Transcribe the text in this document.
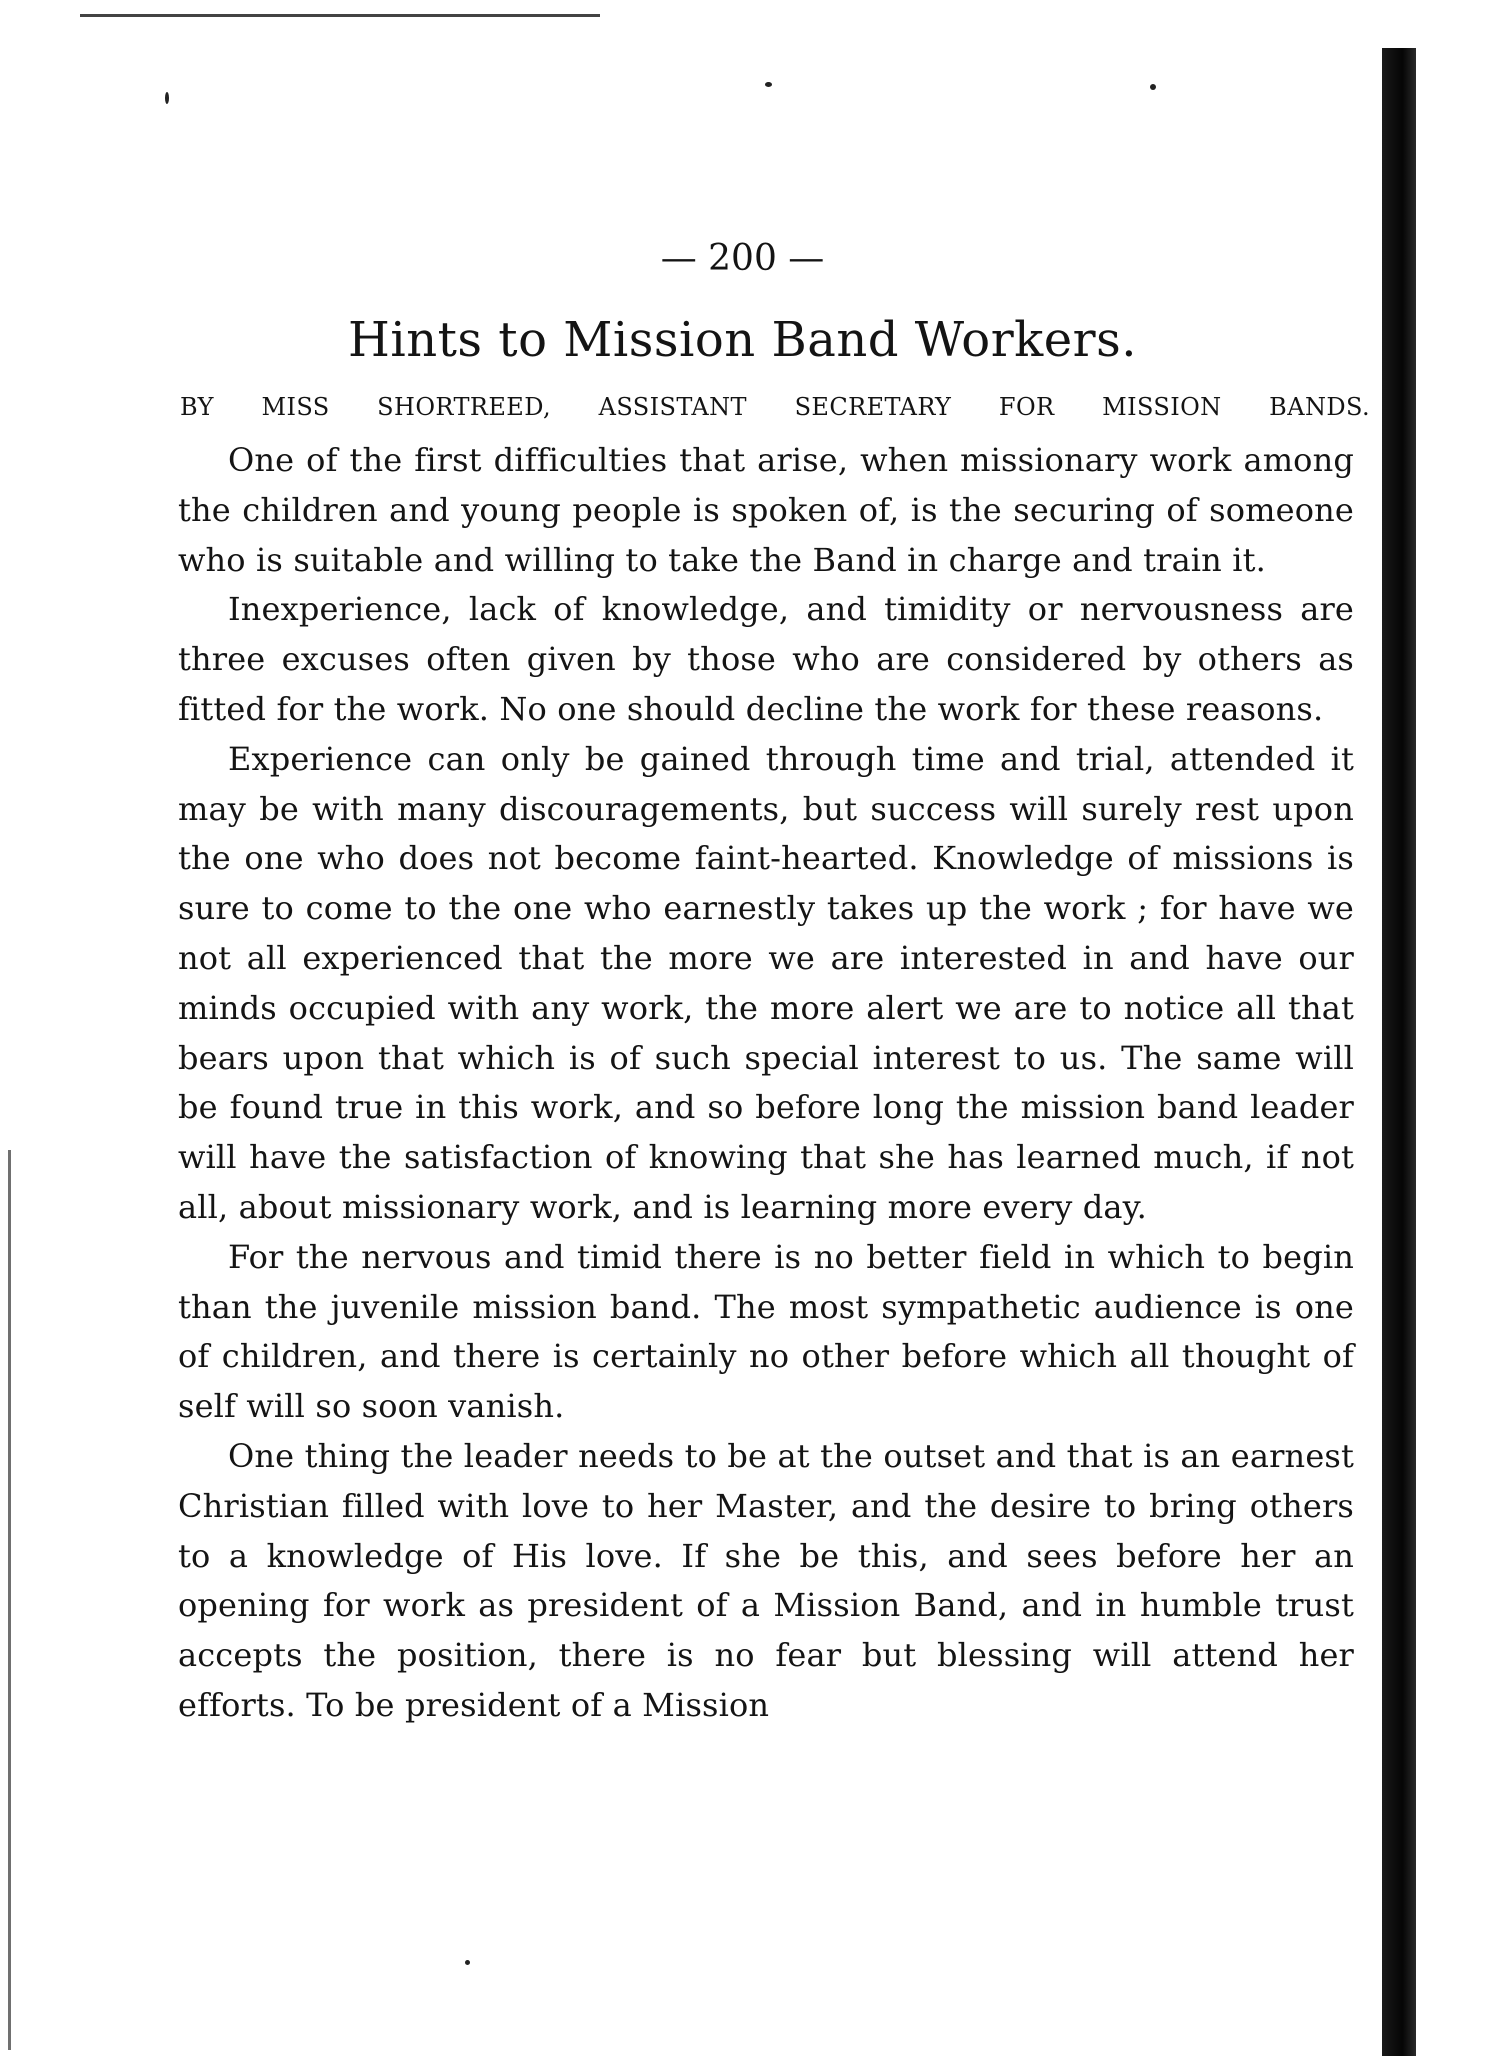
— 200 —
Hints to Mission Band Workers.
BY MISS SHORTREED, ASSISTANT SECRETARY FOR MISSION BANDS.

One of the first difficulties that arise, when missionary work among the children and young people is spoken of, is the securing of someone who is suitable and willing to take the Band in charge and train it.

Inexperience, lack of knowledge, and timidity or nervousness are three excuses often given by those who are considered by others as fitted for the work. No one should decline the work for these reasons.

Experience can only be gained through time and trial, attended it may be with many discouragements, but success will surely rest upon the one who does not become faint-hearted. Knowledge of missions is sure to come to the one who earnestly takes up the work ; for have we not all experienced that the more we are interested in and have our minds occupied with any work, the more alert we are to notice all that bears upon that which is of such special interest to us. The same will be found true in this work, and so before long the mission band leader will have the satisfaction of knowing that she has learned much, if not all, about missionary work, and is learning more every day.

For the nervous and timid there is no better field in which to begin than the juvenile mission band. The most sympathetic audience is one of children, and there is certainly no other before which all thought of self will so soon vanish.

One thing the leader needs to be at the outset and that is an earnest Christian filled with love to her Master, and the desire to bring others to a knowledge of His love. If she be this, and sees before her an opening for work as president of a Mission Band, and in humble trust accepts the position, there is no fear but blessing will attend her efforts. To be president of a Mission
